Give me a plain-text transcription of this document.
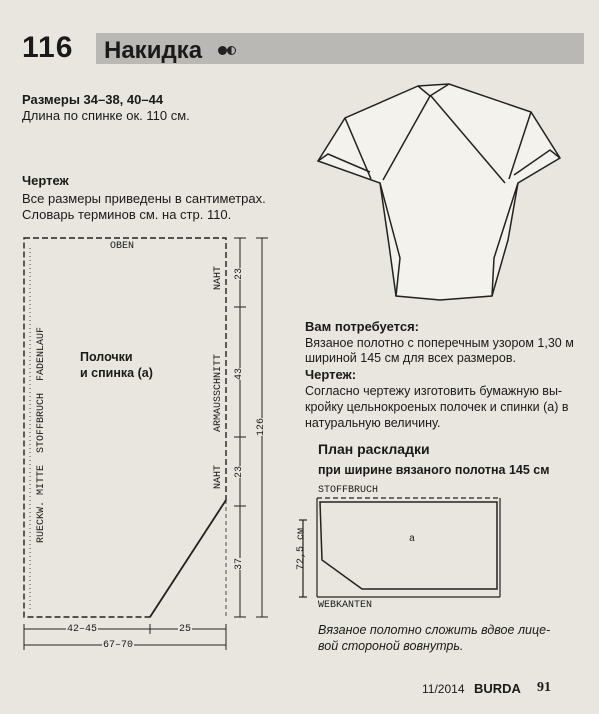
116 Накидка
Размеры 34–38, 40–44
Длина по спинке ок. 110 см.
Чертеж
Все размеры приведены в сантиметрах.
Словарь терминов см. на стр. 110.
OBEN
RUECKW. MITTE  STOFFBRUCH  FADENLAUF	Полочки
и спинка (а)
NAHT
ARMAUSSCHNITT
NAHT
23
43
23
37
126
42–45	25
67–70
Вам потребуется:
Вязаное полотно с поперечным узором 1,30 м
шириной 145 см для всех размеров.
Чертеж:
Согласно чертежу изготовить бумажную вы-
кройку цельнокроеных полочек и спинки (а) в
натуральную величину.
План раскладки
при ширине вязаного полотна 145 см
STOFFBRUCH
WEBKANTEN
72,5 см	a
Вязаное полотно сложить вдвое лице-
вой стороной вовнутрь.
11/2014 BURDA 91
